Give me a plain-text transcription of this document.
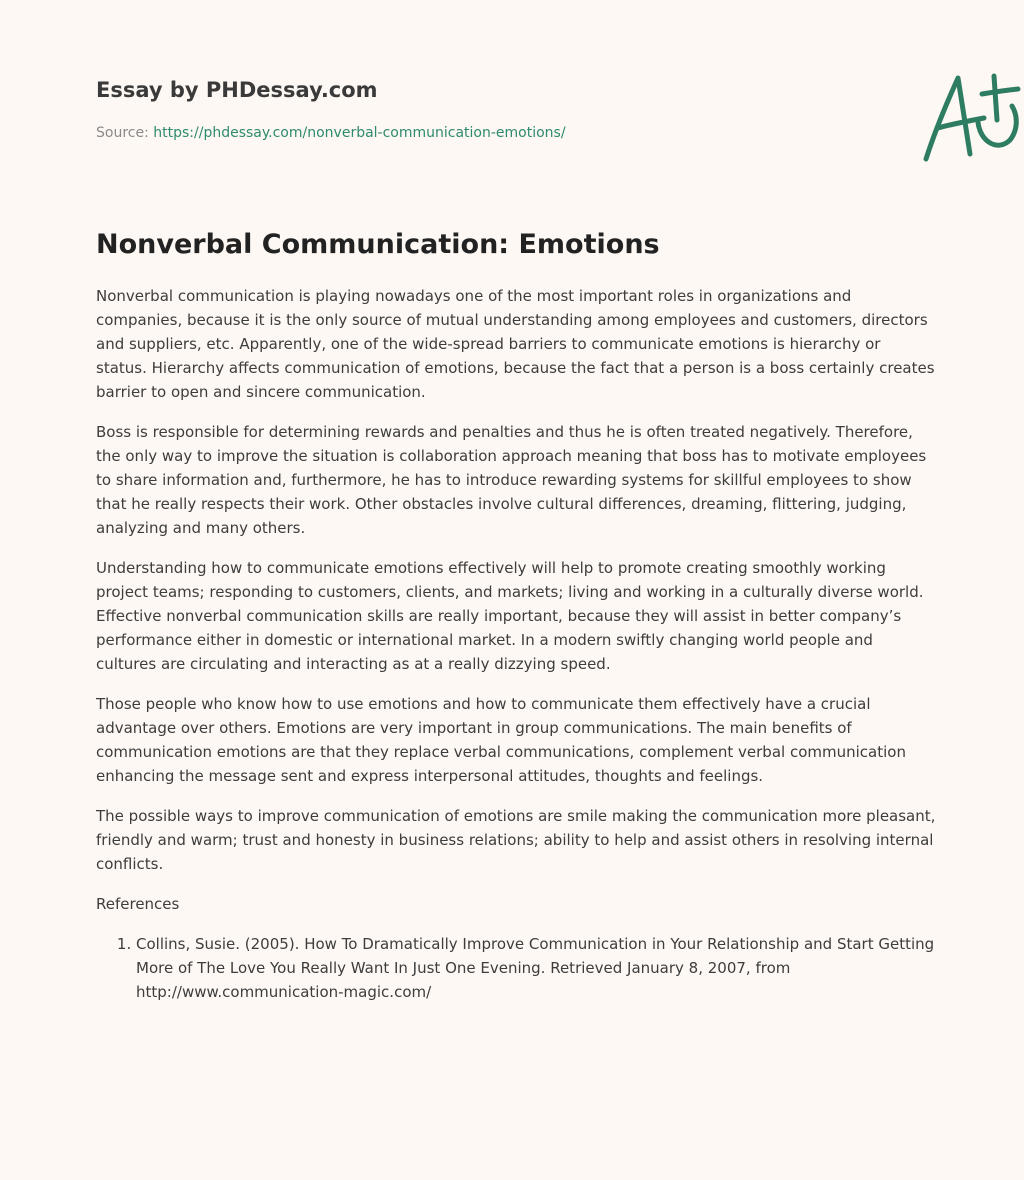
Essay by PHDessay.com
Source: https://phdessay.com/nonverbal-communication-emotions/
Nonverbal Communication: Emotions

Nonverbal communication is playing nowadays one of the most important roles in organizations and companies, because it is the only source of mutual understanding among employees and customers, directors and suppliers, etc. Apparently, one of the wide-spread barriers to communicate emotions is hierarchy or status. Hierarchy affects communication of emotions, because the fact that a person is a boss certainly creates barrier to open and sincere communication.

Boss is responsible for determining rewards and penalties and thus he is often treated negatively. Therefore, the only way to improve the situation is collaboration approach meaning that boss has to motivate employees to share information and, furthermore, he has to introduce rewarding systems for skillful employees to show that he really respects their work. Other obstacles involve cultural differences, dreaming, flittering, judging, analyzing and many others.

Understanding how to communicate emotions effectively will help to promote creating smoothly working project teams; responding to customers, clients, and markets; living and working in a culturally diverse world. Effective nonverbal communication skills are really important, because they will assist in better company’s performance either in domestic or international market. In a modern swiftly changing world people and cultures are circulating and interacting as at a really dizzying speed.

Those people who know how to use emotions and how to communicate them effectively have a crucial advantage over others. Emotions are very important in group communications. The main benefits of communication emotions are that they replace verbal communications, complement verbal communication enhancing the message sent and express interpersonal attitudes, thoughts and feelings.

The possible ways to improve communication of emotions are smile making the communication more pleasant, friendly and warm; trust and honesty in business relations; ability to help and assist others in resolving internal conflicts.

References

1. Collins, Susie. (2005). How To Dramatically Improve Communication in Your Relationship and Start Getting More of The Love You Really Want In Just One Evening. Retrieved January 8, 2007, from http://www.communication-magic.com/
